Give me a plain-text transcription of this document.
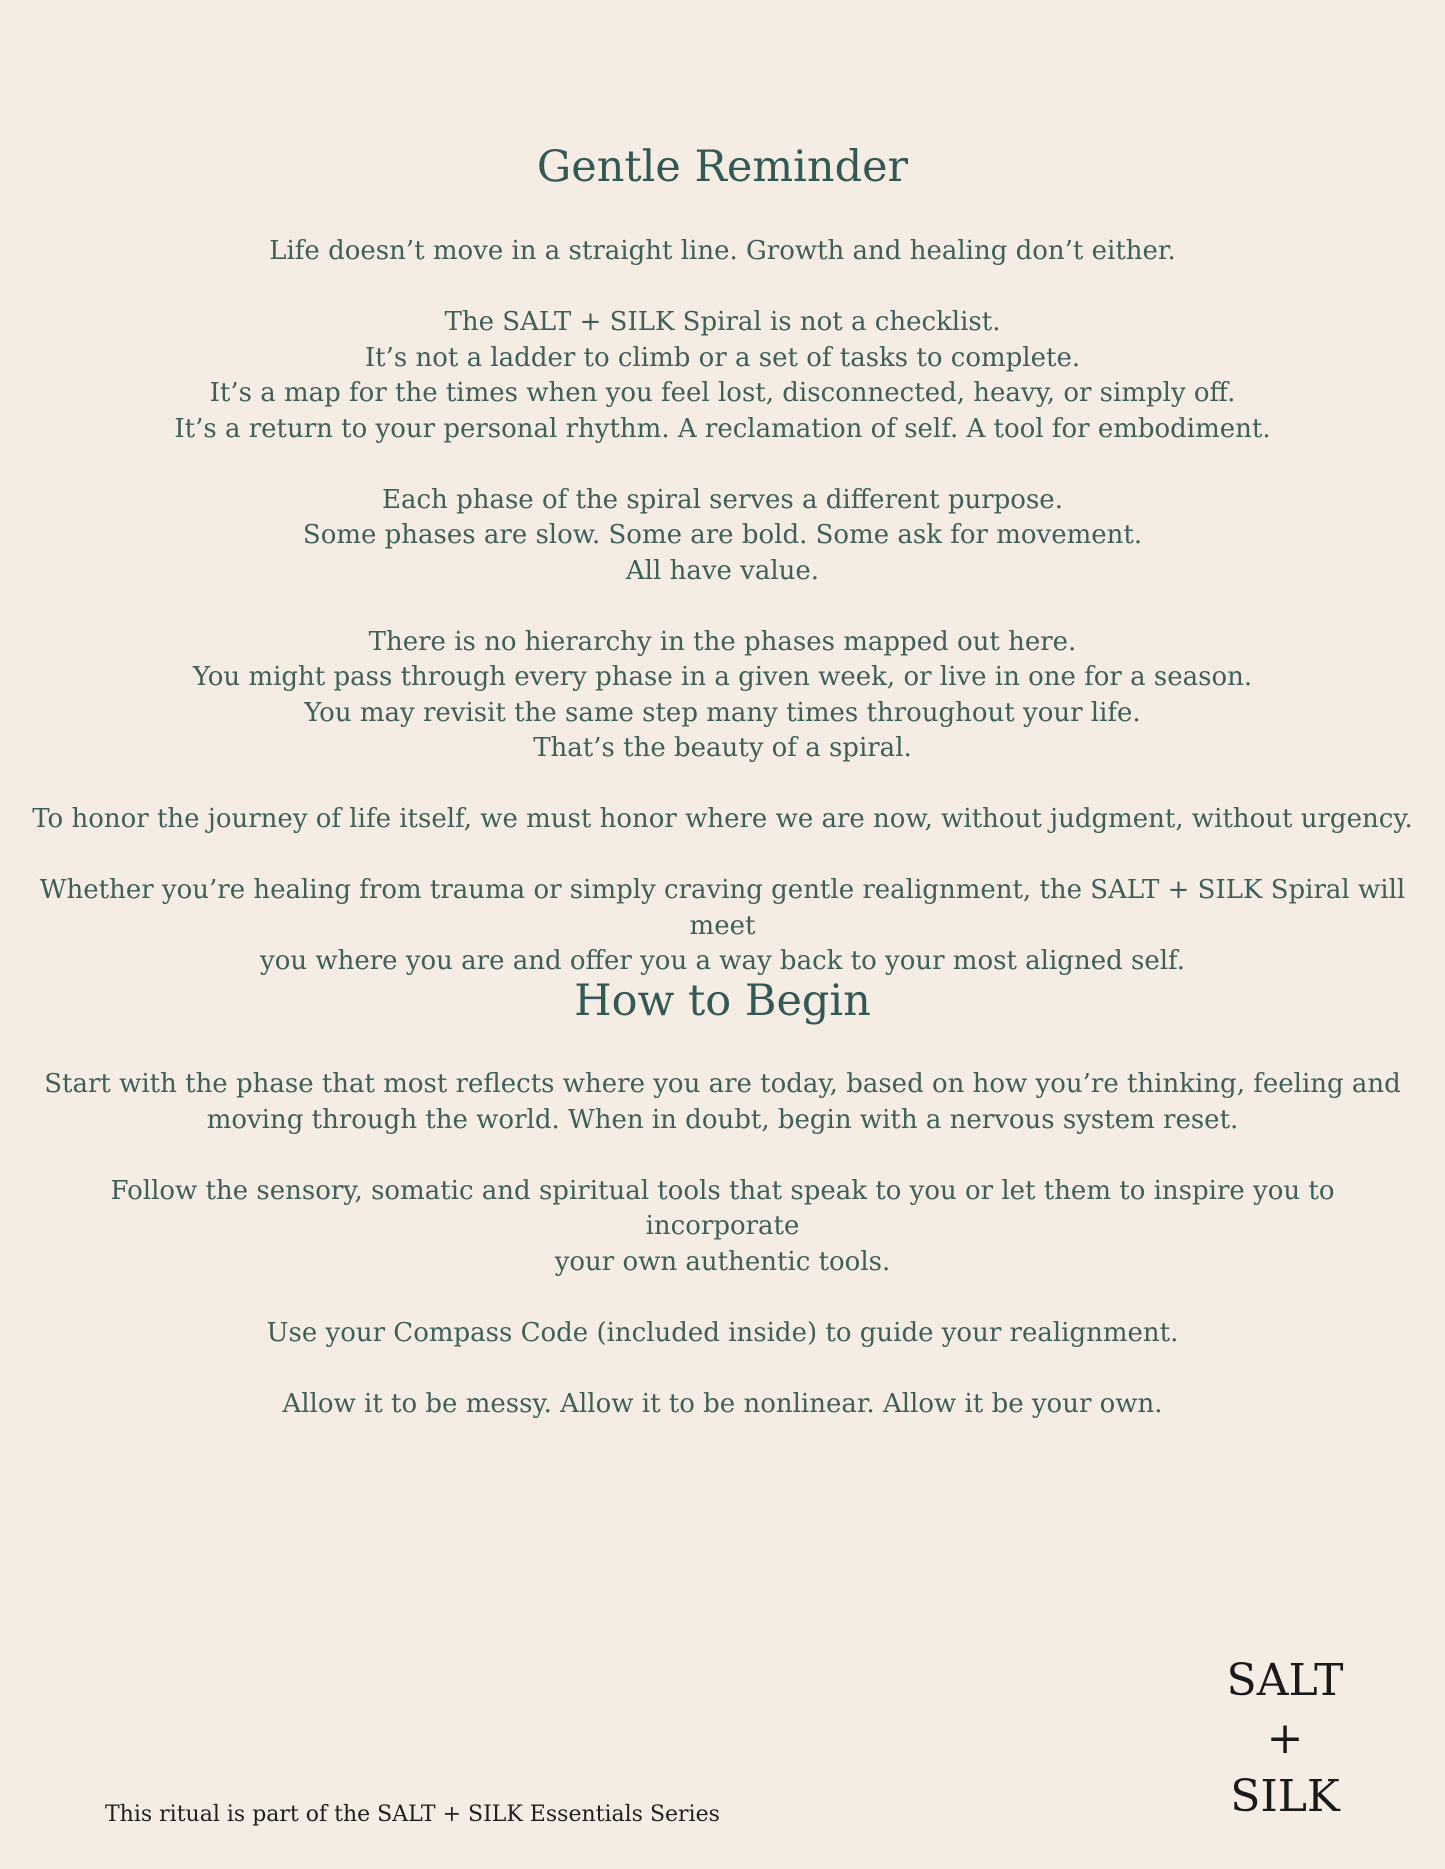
Gentle Reminder

Life doesn’t move in a straight line. Growth and healing don’t either.

The SALT + SILK Spiral is not a checklist.
It’s not a ladder to climb or a set of tasks to complete.
It’s a map for the times when you feel lost, disconnected, heavy, or simply off.
It’s a return to your personal rhythm. A reclamation of self. A tool for embodiment.

Each phase of the spiral serves a different purpose.
Some phases are slow. Some are bold. Some ask for movement.
All have value.

There is no hierarchy in the phases mapped out here.
You might pass through every phase in a given week, or live in one for a season.
You may revisit the same step many times throughout your life.
That’s the beauty of a spiral.

To honor the journey of life itself, we must honor where we are now, without judgment, without urgency.

Whether you’re healing from trauma or simply craving gentle realignment, the SALT + SILK Spiral will meet
you where you are and offer you a way back to your most aligned self.

How to Begin

Start with the phase that most reflects where you are today, based on how you’re thinking, feeling and
moving through the world. When in doubt, begin with a nervous system reset.

Follow the sensory, somatic and spiritual tools that speak to you or let them to inspire you to incorporate
your own authentic tools.

Use your Compass Code (included inside) to guide your realignment.

Allow it to be messy. Allow it to be nonlinear. Allow it be your own.

This ritual is part of the SALT + SILK Essentials Series

SALT
+
SILK
